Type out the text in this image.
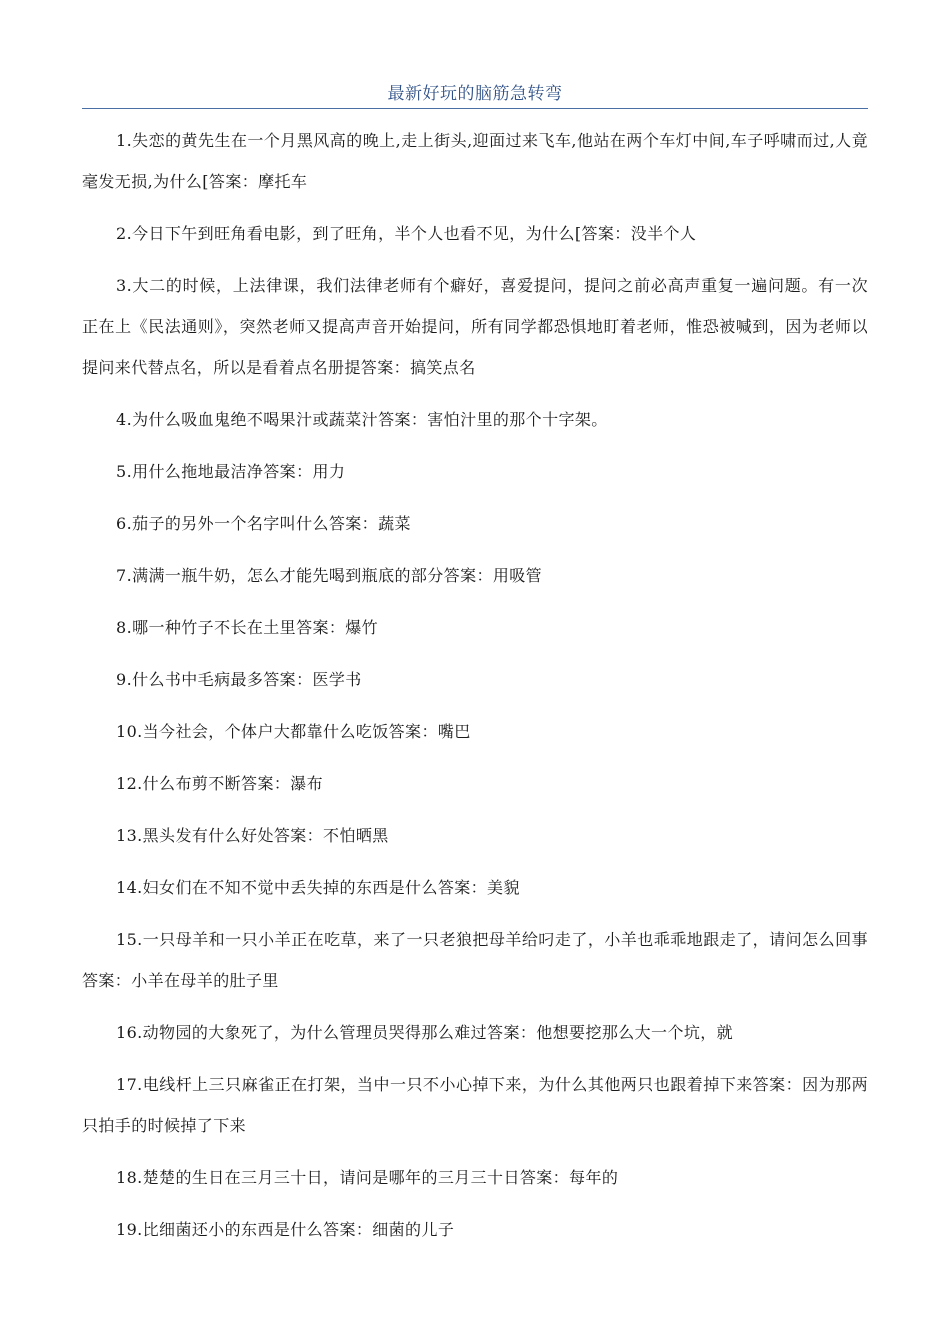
最新好玩的脑筋急转弯

1.失恋的黄先生在一个月黑风高的晚上,走上街头,迎面过来飞车,他站在两个车灯中间,车子呼啸而过,人竟毫发无损,为什么[答案：摩托车

2.今日下午到旺角看电影，到了旺角，半个人也看不见，为什么[答案：没半个人

3.大二的时候，上法律课，我们法律老师有个癖好，喜爱提问，提问之前必高声重复一遍问题。有一次正在上《民法通则》，突然老师又提高声音开始提问，所有同学都恐惧地盯着老师，惟恐被喊到，因为老师以提问来代替点名，所以是看着点名册提答案：搞笑点名

4.为什么吸血鬼绝不喝果汁或蔬菜汁答案：害怕汁里的那个十字架。

5.用什么拖地最洁净答案：用力

6.茄子的另外一个名字叫什么答案：蔬菜

7.满满一瓶牛奶，怎么才能先喝到瓶底的部分答案：用吸管

8.哪一种竹子不长在土里答案：爆竹

9.什么书中毛病最多答案：医学书

10.当今社会，个体户大都靠什么吃饭答案：嘴巴

12.什么布剪不断答案：瀑布

13.黑头发有什么好处答案：不怕晒黑

14.妇女们在不知不觉中丢失掉的东西是什么答案：美貌

15.一只母羊和一只小羊正在吃草，来了一只老狼把母羊给叼走了，小羊也乖乖地跟走了，请问怎么回事答案：小羊在母羊的肚子里

16.动物园的大象死了，为什么管理员哭得那么难过答案：他想要挖那么大一个坑，就

17.电线杆上三只麻雀正在打架，当中一只不小心掉下来，为什么其他两只也跟着掉下来答案：因为那两只拍手的时候掉了下来

18.楚楚的生日在三月三十日，请问是哪年的三月三十日答案：每年的

19.比细菌还小的东西是什么答案：细菌的儿子
